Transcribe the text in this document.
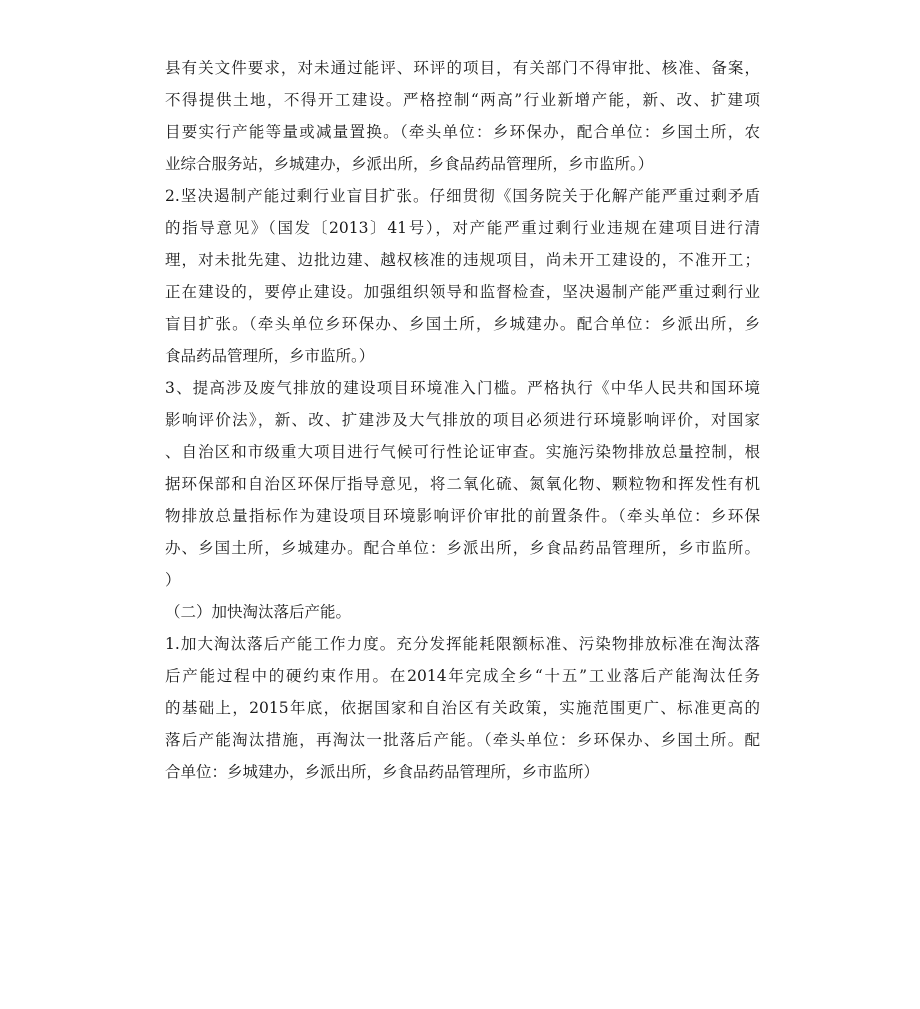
县有关文件要求，对未通过能评、环评的项目，有关部门不得审批、核准、备案，
不得提供土地，不得开工建设。严格控制“两高”行业新增产能，新、改、扩建项
目要实行产能等量或减量置换。（牵头单位：乡环保办，配合单位：乡国土所，农
业综合服务站，乡城建办，乡派出所，乡食品药品管理所，乡市监所。）
2.坚决遏制产能过剩行业盲目扩张。仔细贯彻《国务院关于化解产能严重过剩矛盾
的指导意见》（国发〔2013〕41号），对产能严重过剩行业违规在建项目进行清
理，对未批先建、边批边建、越权核准的违规项目，尚未开工建设的，不准开工；
正在建设的，要停止建设。加强组织领导和监督检查，坚决遏制产能严重过剩行业
盲目扩张。（牵头单位乡环保办、乡国土所，乡城建办。配合单位：乡派出所，乡
食品药品管理所，乡市监所。）
3、提高涉及废气排放的建设项目环境准入门槛。严格执行《中华人民共和国环境
影响评价法》，新、改、扩建涉及大气排放的项目必须进行环境影响评价，对国家
、自治区和市级重大项目进行气候可行性论证审查。实施污染物排放总量控制，根
据环保部和自治区环保厅指导意见，将二氧化硫、氮氧化物、颗粒物和挥发性有机
物排放总量指标作为建设项目环境影响评价审批的前置条件。（牵头单位：乡环保
办、乡国土所，乡城建办。配合单位：乡派出所，乡食品药品管理所，乡市监所。
）
（二）加快淘汰落后产能。
1.加大淘汰落后产能工作力度。充分发挥能耗限额标准、污染物排放标准在淘汰落
后产能过程中的硬约束作用。在2014年完成全乡“十五”工业落后产能淘汰任务
的基础上，2015年底，依据国家和自治区有关政策，实施范围更广、标准更高的
落后产能淘汰措施，再淘汰一批落后产能。（牵头单位：乡环保办、乡国土所。配
合单位：乡城建办，乡派出所，乡食品药品管理所，乡市监所）
